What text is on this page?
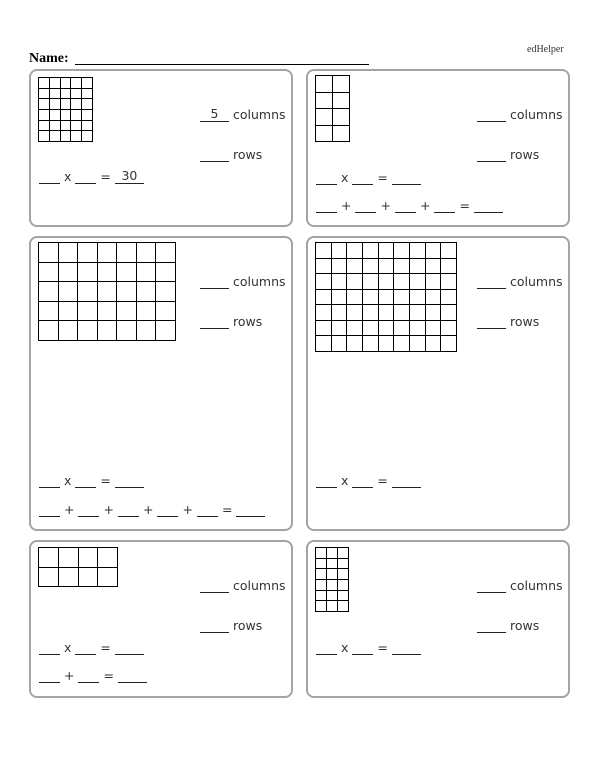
edHelper
Name:

5 columns
rows
x = 30

columns
rows
x =
+ + + =

columns
rows
x =
+ + + + =

columns
rows
x =

columns
rows
x =
+ =

columns
rows
x =
